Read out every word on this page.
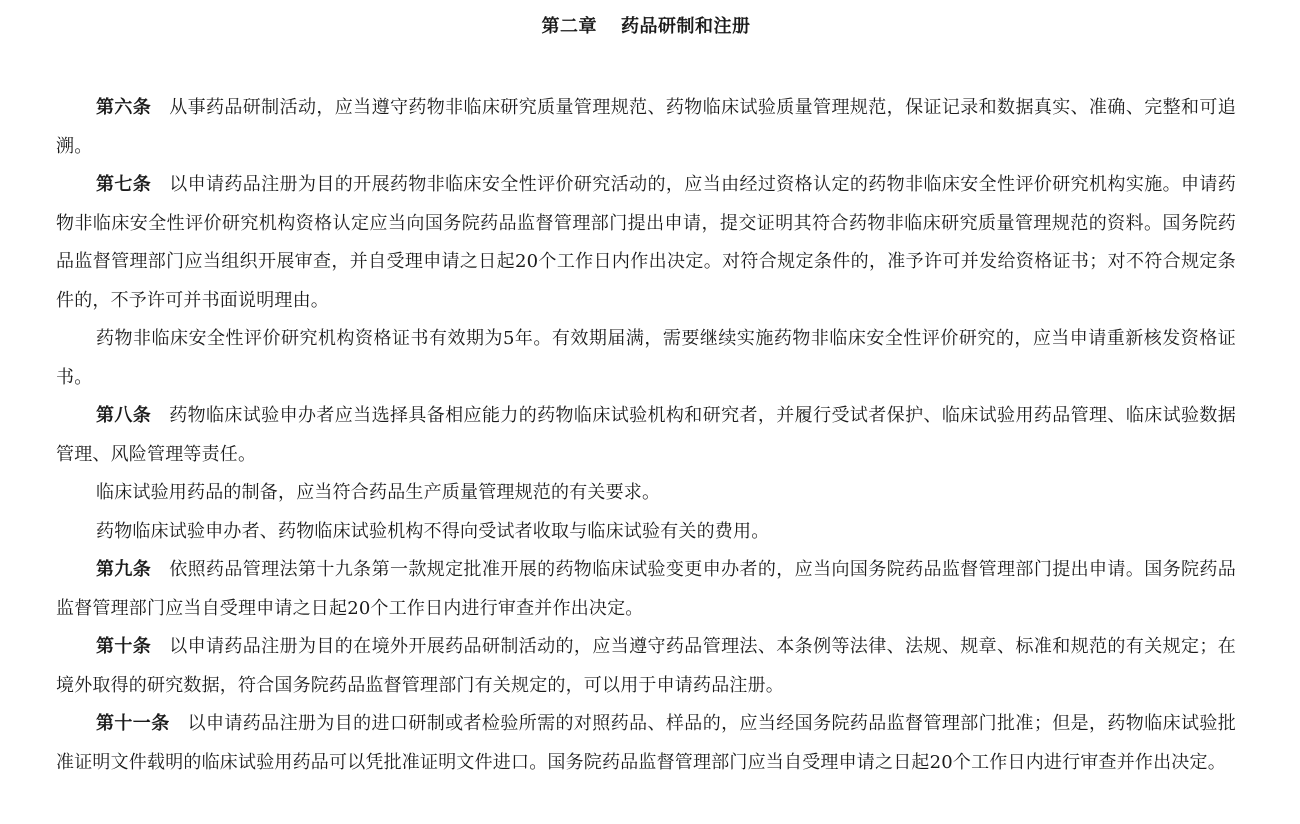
第二章 药品研制和注册

第六条 从事药品研制活动，应当遵守药物非临床研究质量管理规范、药物临床试验质量管理规范，保证记录和数据真实、准确、完整和可追溯。

第七条 以申请药品注册为目的开展药物非临床安全性评价研究活动的，应当由经过资格认定的药物非临床安全性评价研究机构实施。申请药物非临床安全性评价研究机构资格认定应当向国务院药品监督管理部门提出申请，提交证明其符合药物非临床研究质量管理规范的资料。国务院药品监督管理部门应当组织开展审查，并自受理申请之日起20个工作日内作出决定。对符合规定条件的，准予许可并发给资格证书；对不符合规定条件的，不予许可并书面说明理由。

药物非临床安全性评价研究机构资格证书有效期为5年。有效期届满，需要继续实施药物非临床安全性评价研究的，应当申请重新核发资格证书。

第八条 药物临床试验申办者应当选择具备相应能力的药物临床试验机构和研究者，并履行受试者保护、临床试验用药品管理、临床试验数据管理、风险管理等责任。

临床试验用药品的制备，应当符合药品生产质量管理规范的有关要求。

药物临床试验申办者、药物临床试验机构不得向受试者收取与临床试验有关的费用。

第九条 依照药品管理法第十九条第一款规定批准开展的药物临床试验变更申办者的，应当向国务院药品监督管理部门提出申请。国务院药品监督管理部门应当自受理申请之日起20个工作日内进行审查并作出决定。

第十条 以申请药品注册为目的在境外开展药品研制活动的，应当遵守药品管理法、本条例等法律、法规、规章、标准和规范的有关规定；在境外取得的研究数据，符合国务院药品监督管理部门有关规定的，可以用于申请药品注册。

第十一条 以申请药品注册为目的进口研制或者检验所需的对照药品、样品的，应当经国务院药品监督管理部门批准；但是，药物临床试验批准证明文件载明的临床试验用药品可以凭批准证明文件进口。国务院药品监督管理部门应当自受理申请之日起20个工作日内进行审查并作出决定。
